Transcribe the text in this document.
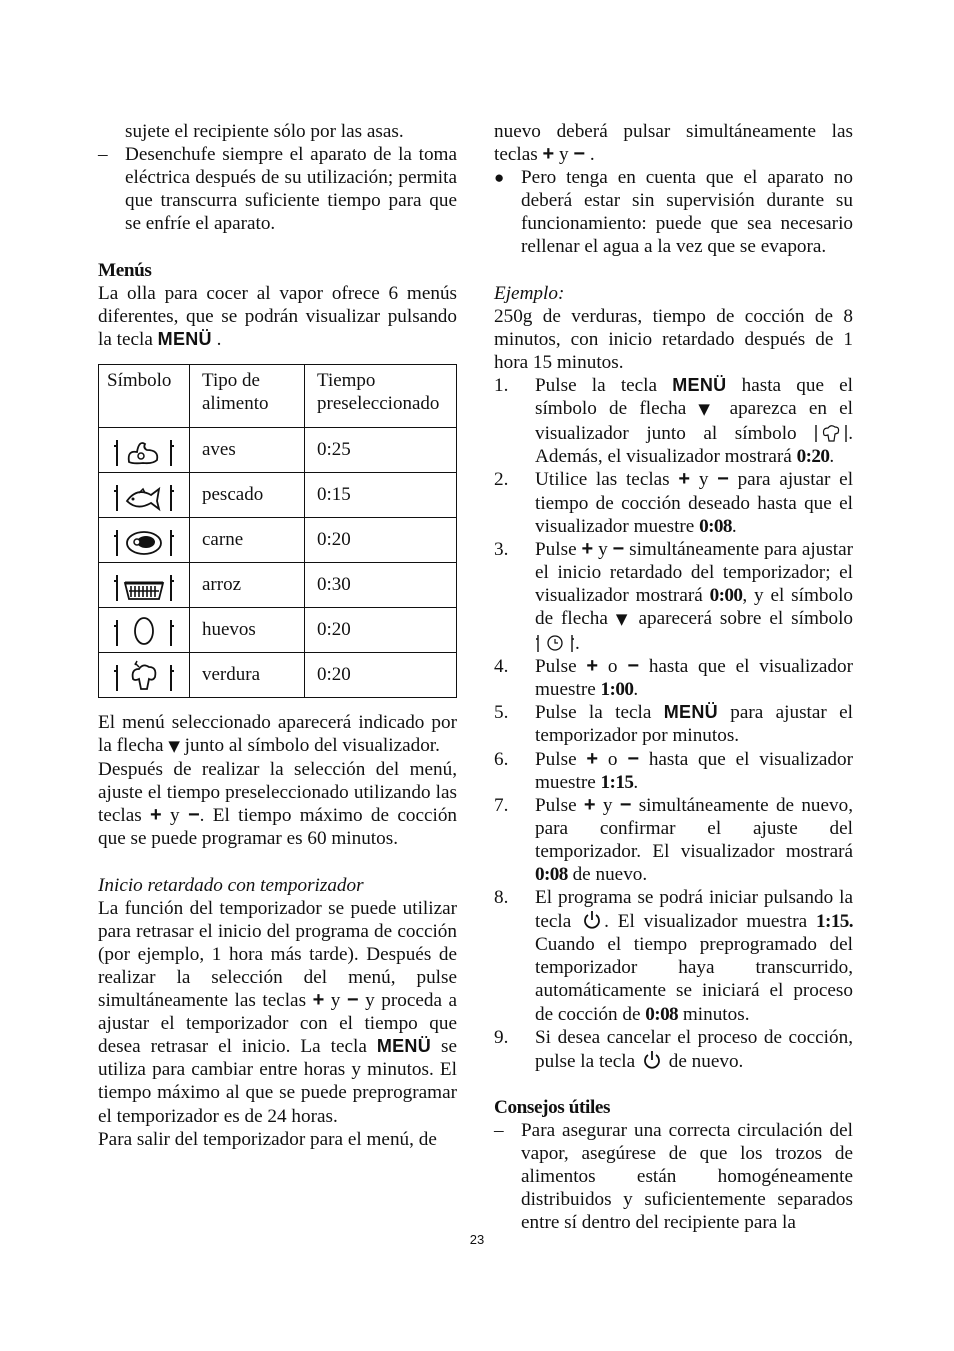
sujete el recipiente sólo por las asas.

– Desenchufe siempre el aparato de la toma eléctrica después de su utilización; permita que transcurra suficiente tiempo para que se enfríe el aparato.

Menús

La olla para cocer al vapor ofrece 6 menús diferentes, que se podrán visualizar pulsando la tecla MENÜ .

Símbolo	Tipo de alimento	Tiempo preseleccionado
	aves	0:25
	pescado	0:15
	carne	0:20
	arroz	0:30
	huevos	0:20
	verdura	0:20

El menú seleccionado aparecerá indicado por la flecha ▼ junto al símbolo del visualizador.

Después de realizar la selección del menú, ajuste el tiempo preseleccionado utilizando las teclas + y −. El tiempo máximo de cocción que se puede programar es 60 minutos.

Inicio retardado con temporizador

La función del temporizador se puede utilizar para retrasar el inicio del programa de cocción (por ejemplo, 1 hora más tarde). Después de realizar la selección del menú, pulse simultáneamente las teclas + y − y proceda a ajustar el temporizador con el tiempo que desea retrasar el inicio. La tecla MENÜ se utiliza para cambiar entre horas y minutos. El tiempo máximo al que se puede preprogramar el temporizador es de 24 horas.

Para salir del temporizador para el menú, de

nuevo deberá pulsar simultáneamente las teclas + y − .

● Pero tenga en cuenta que el aparato no deberá estar sin supervisión durante su funcionamiento: puede que sea necesario rellenar el agua a la vez que se evapora.

Ejemplo:

250g de verduras, tiempo de cocción de 8 minutos, con inicio retardado después de 1 hora 15 minutos.

1. Pulse la tecla MENÜ hasta que el símbolo de flecha ▼ aparezca en el visualizador junto al símbolo	. Además, el visualizador mostrará 0:20.
2. Utilice las teclas + y − para ajustar el tiempo de cocción deseado hasta que el visualizador muestre 0:08.
3. Pulse + y − simultáneamente para ajustar el inicio retardado del temporizador; el visualizador mostrará 0:00, y el símbolo de flecha ▼ aparecerá sobre el símbolo .
4. Pulse + o − hasta que el visualizador muestre 1:00.
5. Pulse la tecla MENÜ para ajustar el temporizador por minutos.
6. Pulse + o − hasta que el visualizador muestre 1:15.
7. Pulse + y − simultáneamente de nuevo, para confirmar el ajuste del temporizador. El visualizador mostrará 0:08 de nuevo.
8. El programa se podrá iniciar pulsando la tecla . El visualizador muestra 1:15. Cuando el tiempo preprogramado del temporizador haya transcurrido, automáticamente se iniciará el proceso de cocción de 0:08 minutos.
9. Si desea cancelar el proceso de cocción, pulse la tecla de nuevo.

Consejos útiles

– Para asegurar una correcta circulación del vapor, asegúrese de que los trozos de alimentos están homogéneamente distribuidos y suficientemente separados entre sí dentro del recipiente para la
23
